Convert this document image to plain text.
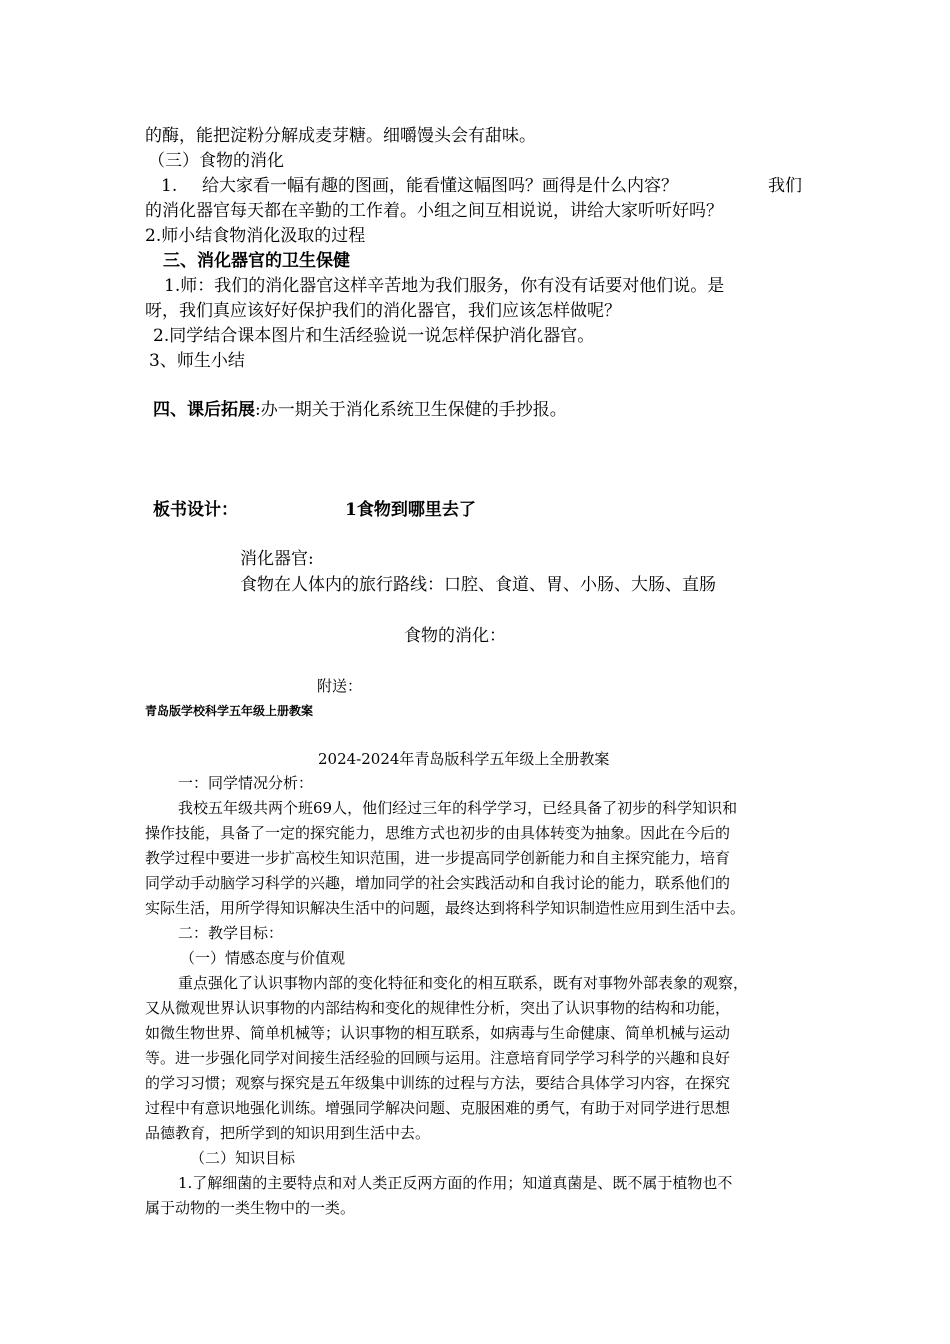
的酶，能把淀粉分解成麦芽糖。细嚼馒头会有甜味。
（三）食物的消化
1. 给大家看一幅有趣的图画，能看懂这幅图吗？画得是什么内容？	我们
的消化器官每天都在辛勤的工作着。小组之间互相说说，讲给大家听听好吗？
2.师小结食物消化汲取的过程
三、消化器官的卫生保健
1.师：我们的消化器官这样辛苦地为我们服务，你有没有话要对他们说。是
呀，我们真应该好好保护我们的消化器官，我们应该怎样做呢？
2.同学结合课本图片和生活经验说一说怎样保护消化器官。
3、师生小结
四、课后拓展:办一期关于消化系统卫生保健的手抄报。
板书设计：	1食物到哪里去了
消化器官:
食物在人体内的旅行路线：口腔、食道、胃、小肠、大肠、直肠
食物的消化：
附送：
青岛版学校科学五年级上册教案
2024-2024年青岛版科学五年级上全册教案
一：同学情况分析：
我校五年级共两个班69人，他们经过三年的科学学习，已经具备了初步的科学知识和
操作技能，具备了一定的探究能力，思维方式也初步的由具体转变为抽象。因此在今后的
教学过程中要进一步扩高校生知识范围，进一步提高同学创新能力和自主探究能力，培育
同学动手动脑学习科学的兴趣，增加同学的社会实践活动和自我讨论的能力，联系他们的
实际生活，用所学得知识解决生活中的问题，最终达到将科学知识制造性应用到生活中去。
二：教学目标：
（一）情感态度与价值观
重点强化了认识事物内部的变化特征和变化的相互联系，既有对事物外部表象的观察，
又从微观世界认识事物的内部结构和变化的规律性分析，突出了认识事物的结构和功能，
如微生物世界、简单机械等；认识事物的相互联系，如病毒与生命健康、简单机械与运动
等。进一步强化同学对间接生活经验的回顾与运用。注意培育同学学习科学的兴趣和良好
的学习习惯；观察与探究是五年级集中训练的过程与方法，要结合具体学习内容，在探究
过程中有意识地强化训练。增强同学解决问题、克服困难的勇气，有助于对同学进行思想
品德教育，把所学到的知识用到生活中去。
（二）知识目标
1.了解细菌的主要特点和对人类正反两方面的作用；知道真菌是、既不属于植物也不
属于动物的一类生物中的一类。
